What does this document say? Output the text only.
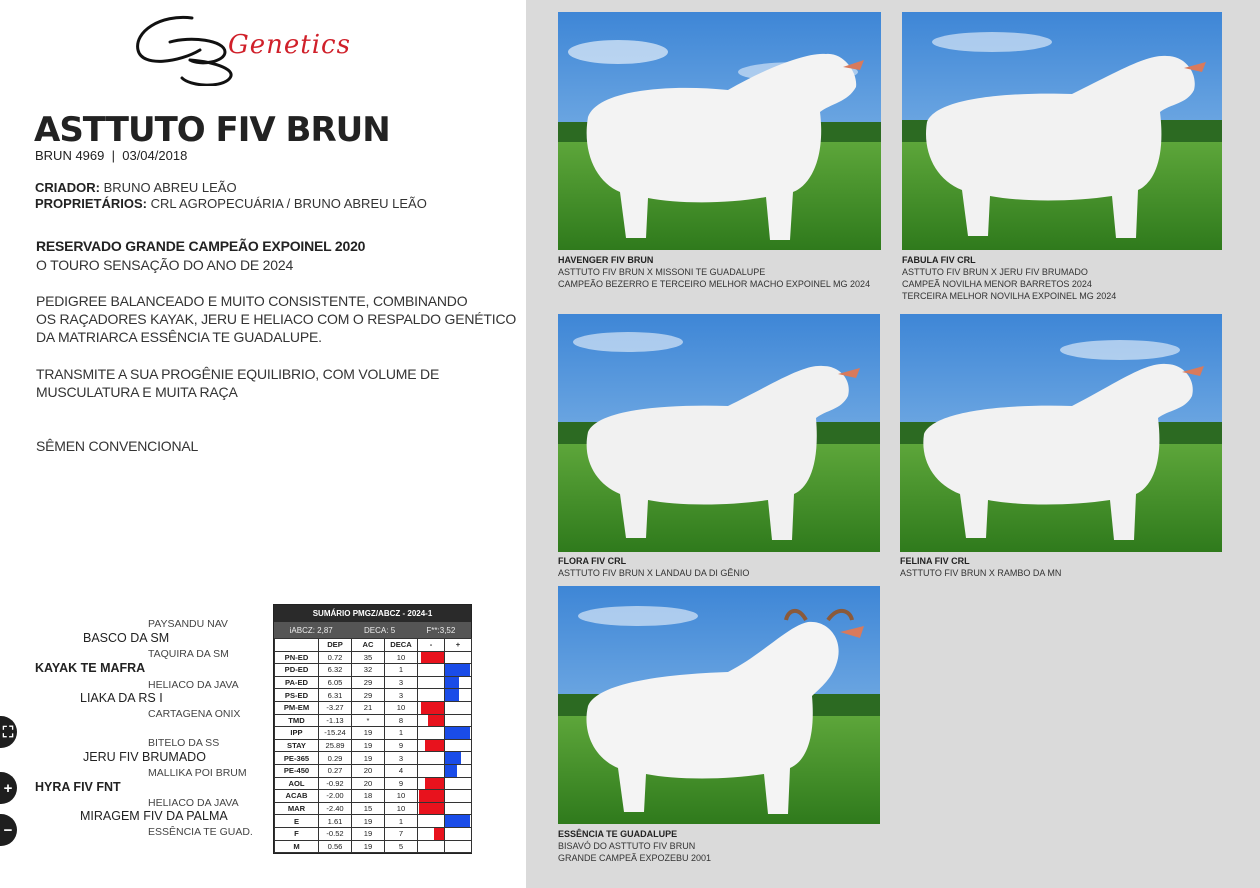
Genetics
ASTTUTO FIV BRUN
BRUN 4969  |  03/04/2018
CRIADOR: BRUNO ABREU LEÃO
PROPRIETÁRIOS: CRL AGROPECUÁRIA / BRUNO ABREU LEÃO
RESERVADO GRANDE CAMPEÃO EXPOINEL 2020
O TOURO SENSAÇÃO DO ANO DE 2024
PEDIGREE BALANCEADO E MUITO CONSISTENTE, COMBINANDO
OS RAÇADORES KAYAK, JERU E HELIACO COM O RESPALDO GENÉTICO
DA MATRIARCA ESSÊNCIA TE GUADALUPE.
TRANSMITE A SUA PROGÊNIE EQUILIBRIO, COM VOLUME DE
MUSCULATURA E MUITA RAÇA
SÊMEN CONVENCIONAL
PAYSANDU NAV
BASCO DA SM
TAQUIRA DA SM
KAYAK TE MAFRA
HELIACO DA JAVA
LIAKA DA RS I
CARTAGENA ONIX
BITELO DA SS
JERU FIV BRUMADO
MALLIKA POI BRUM
HYRA FIV FNT
HELIACO DA JAVA
MIRAGEM FIV DA PALMA
ESSÊNCIA TE GUAD.
⛶
+
−
SUMÁRIO PMGZ/ABCZ - 2024-1
iABCZ: 2,87	DECA: 5	F**:3,52
	DEP	AC	DECA	-	+
PN-ED	0.72	35	10	

PD-ED	6.32	32	1		

PA-ED	6.05	29	3		

PS-ED	6.31	29	3		

PM-EM	-3.27	21	10	

TMD	-1.13	*	8	

IPP	-15.24	19	1		

STAY	25.89	19	9	

PE-365	0.29	19	3		

PE-450	0.27	20	4		

AOL	-0.92	20	9	

ACAB	-2.00	18	10	

MAR	-2.40	15	10	

E	1.61	19	1		

F	-0.52	19	7	

M	0.56	19	5		
HAVENGER FIV BRUN
ASTTUTO FIV BRUN X MISSONI TE GUADALUPE
CAMPEÃO BEZERRO E TERCEIRO MELHOR MACHO EXPOINEL MG 2024
FABULA FIV CRL
ASTTUTO FIV BRUN X JERU FIV BRUMADO
CAMPEÃ NOVILHA MENOR BARRETOS 2024
TERCEIRA MELHOR NOVILHA EXPOINEL MG 2024
FLORA FIV CRL
ASTTUTO FIV BRUN X LANDAU DA DI GÊNIO
FELINA FIV CRL
ASTTUTO FIV BRUN X RAMBO DA MN
ESSÊNCIA TE GUADALUPE
BISAVÓ DO ASTTUTO FIV BRUN
GRANDE CAMPEÃ EXPOZEBU 2001
